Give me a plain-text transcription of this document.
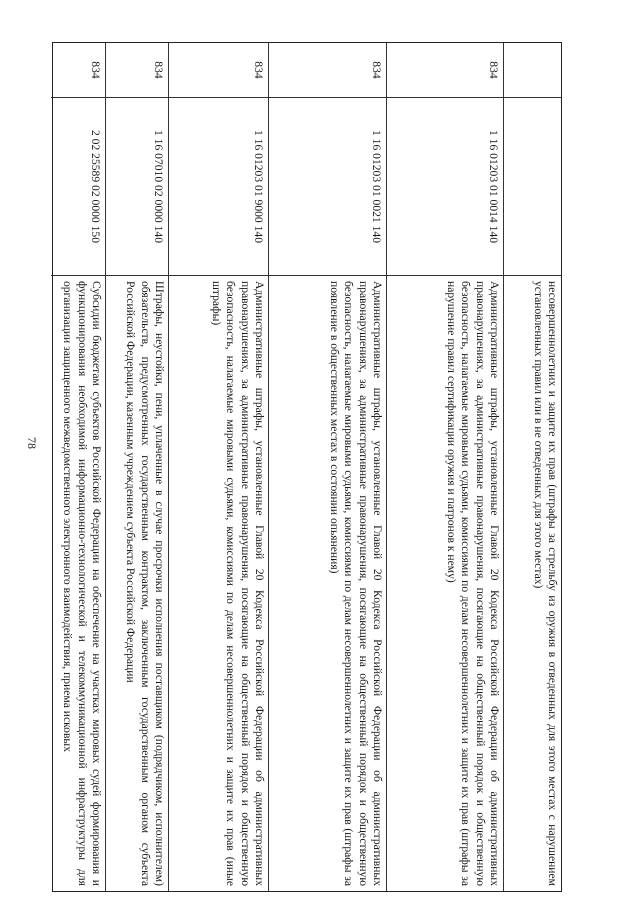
78	несовершеннолетних и защите их прав (штрафы за стрельбу из оружия в отведенных для этого местах с нарушением установленных правил или в не отведенных для этого местах)
834
1 16 01203 01 0014 140
Административные штрафы, установленные Главой 20 Кодекса Российской Федерации об административных правонарушениях, за административные правонарушения, посягающие на общественный порядок и общественную безопасность, налагаемые мировыми судьями, комиссиями по делам несовершеннолетних и защите их прав (штрафы за нарушение правил сертификации оружия и патронов к нему)
834
1 16 01203 01 0021 140
Административные штрафы, установленные Главой 20 Кодекса Российской Федерации об административных правонарушениях, за административные правонарушения, посягающие на общественный порядок и общественную безопасность, налагаемые мировыми судьями, комиссиями по делам несовершеннолетних и защите их прав (штрафы за появление в общественных местах в состоянии опьянения)
834
1 16 01203 01 9000 140
Административные штрафы, установленные Главой 20 Кодекса Российской Федерации об административных правонарушениях, за административные правонарушения, посягающие на общественный порядок и общественную безопасность, налагаемые мировыми судьями, комиссиями по делам несовершеннолетних и защите их прав (иные штрафы)
834
1 16 07010 02 0000 140
Штрафы, неустойки, пени, уплаченные в случае просрочки исполнения поставщиком (подрядчиком, исполнителем) обязательств, предусмотренных государственным контрактом, заключенным государственным органом субъекта Российской Федерации, казенным учреждением субъекта Российской Федерации
834
2 02 25589 02 0000 150
Субсидии бюджетам субъектов Российской Федерации на обеспечение на участках мировых судей формирования и функционирования необходимой информационно-технологической и телекоммуникационной инфраструктуры для организации защищенного межведомственного электронного взаимодействия, приема исковых
